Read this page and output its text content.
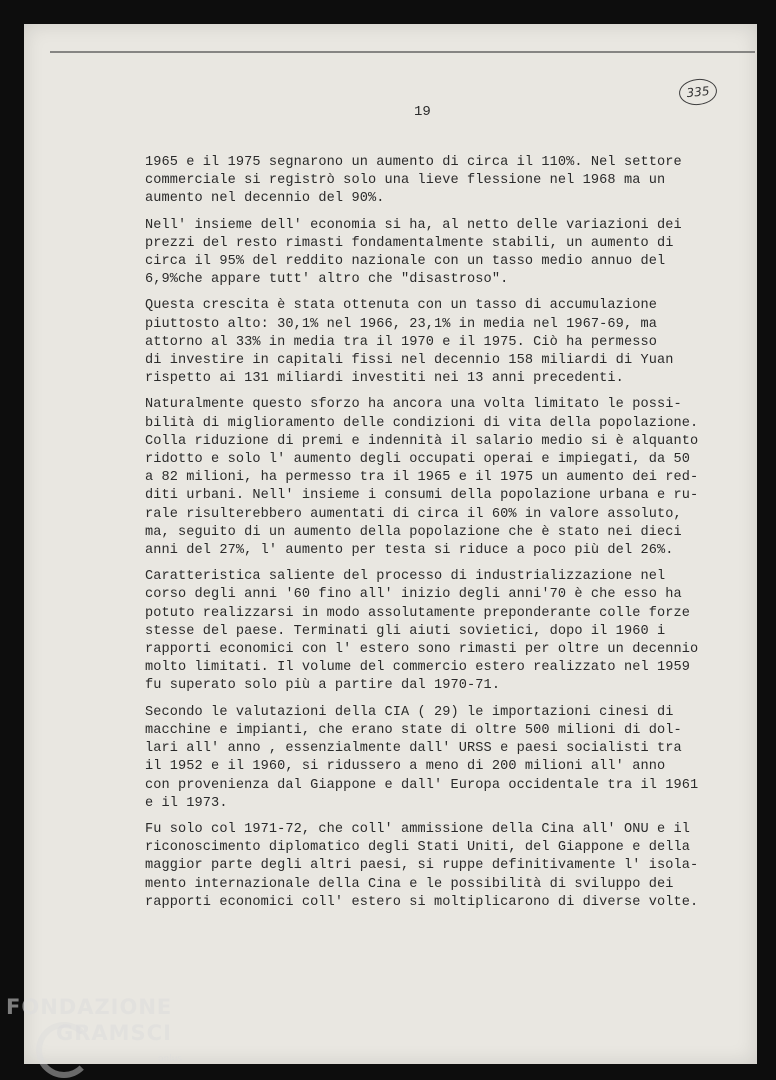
335
19

1965 e il 1975 segnarono un aumento di circa il 110%. Nel settore
commerciale si registrò solo una lieve flessione nel 1968 ma un
aumento nel decennio del 90%.

Nell' insieme dell' economia si ha, al netto delle variazioni dei
prezzi del resto rimasti fondamentalmente stabili, un aumento di
circa il 95% del reddito nazionale con un tasso medio annuo del
6,9%che appare tutt' altro che "disastroso".

Questa crescita è stata ottenuta con un tasso di accumulazione
piuttosto alto: 30,1% nel 1966, 23,1% in media nel 1967-69, ma
attorno al 33% in media tra il 1970 e il 1975. Ciò ha permesso
di investire in capitali fissi nel decennio 158 miliardi di Yuan
rispetto ai 131 miliardi investiti nei 13 anni precedenti.

Naturalmente questo sforzo ha ancora una volta limitato le possi-
bilità di miglioramento delle condizioni di vita della popolazione.
Colla riduzione di premi e indennità il salario medio si è alquanto
ridotto e solo l' aumento degli occupati operai e impiegati, da 50
a 82 milioni, ha permesso tra il 1965 e il 1975 un aumento dei red-
diti urbani. Nell' insieme i consumi della popolazione urbana e ru-
rale risulterebbero aumentati di circa il 60% in valore assoluto,
ma, seguito di un aumento della popolazione che è stato nei dieci
anni del 27%, l' aumento per testa si riduce a poco più del 26%.

Caratteristica saliente del processo di industrializzazione nel
corso degli anni '60 fino all' inizio degli anni'70 è che esso ha
potuto realizzarsi in modo assolutamente preponderante colle forze
stesse del paese. Terminati gli aiuti sovietici, dopo il 1960 i
rapporti economici con l' estero sono rimasti per oltre un decennio
molto limitati. Il volume del commercio estero realizzato nel 1959
fu superato solo più a partire dal 1970-71.

Secondo le valutazioni della CIA ( 29) le importazioni cinesi di
macchine e impianti, che erano state di oltre 500 milioni di dol-
lari all' anno , essenzialmente dall' URSS e paesi socialisti tra
il 1952 e il 1960, si ridussero a meno di 200 milioni all' anno
con provenienza dal Giappone e dall' Europa occidentale tra il 1961
e il 1973.

Fu solo col 1971-72, che coll' ammissione della Cina all' ONU e il
riconoscimento diplomatico degli Stati Uniti, del Giappone e della
maggior parte degli altri paesi, si ruppe definitivamente l' isola-
mento internazionale della Cina e le possibilità di sviluppo dei
rapporti economici coll' estero si moltiplicarono di diverse volte.

FONDAZIONE
GRAMSCI
onlus
